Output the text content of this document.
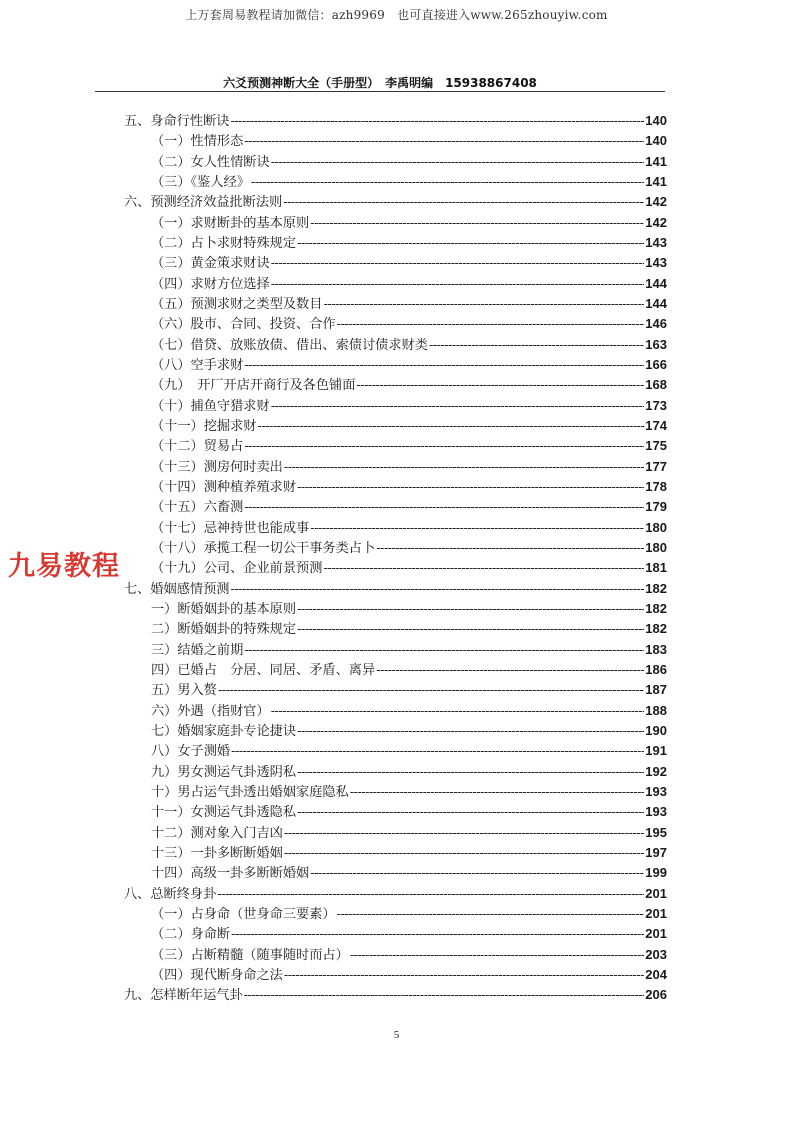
上万套周易教程请加微信：azh9969　也可直接进入www.265zhouyiw.com
六爻预测神断大全（手册型）　李禹明编　15938867408
五、身命行性断诀 -----	140
（一）性情形态 -----	140
（二）女人性情断诀 -----	141
（三）《鉴人经》 -----	141
六、预测经济效益批断法则 -----	142
（一）求财断卦的基本原则 -----	142
（二）占卜求财特殊规定 -----	143
（三）黄金策求财诀 -----	143
（四）求财方位选择 -----	144
（五）预测求财之类型及数目 -----	144
（六）股市、合同、投资、合作 -----	146
（七）借贷、放账放债、借出、索债讨债求财类 -----	163
（八）空手求财 -----	166
（九）　开厂开店开商行及各色铺面 -----	168
（十）捕鱼守猎求财 -----	173
（十一）挖掘求财 -----	174
（十二）贸易占 -----	175
（十三）测房何时卖出 -----	177
（十四）测种植养殖求财 -----	178
（十五）六畜测 -----	179
（十七）忌神持世也能成事 -----	180
（十八）承揽工程一切公干事务类占卜 -----	180
（十九）公司、企业前景预测 -----	181
七、婚姻感情预测 -----	182
一）断婚姻卦的基本原则 -----	182
二）断婚姻卦的特殊规定 -----	182
三）结婚之前期 -----	183
四）已婚占　分居、同居、矛盾、离异 -----	186
五）男入赘 -----	187
六）外遇（指财官） -----	188
七）婚姻家庭卦专论捷诀 -----	190
八）女子测婚 -----	191
九）男女测运气卦透阴私 -----	192
十）男占运气卦透出婚姻家庭隐私 -----	193
十一）女测运气卦透隐私 -----	193
十二）测对象入门吉凶 -----	195
十三）一卦多断断婚姻 -----	197
十四）高级一卦多断断婚姻 -----	199
八、总断终身卦 -----	201
（一）占身命（世身命三要素） -----	201
（二）身命断 -----	201
（三）占断精髓（随事随时而占） -----	203
（四）现代断身命之法 -----	204
九、怎样断年运气卦 -----	206
九易教程
5
